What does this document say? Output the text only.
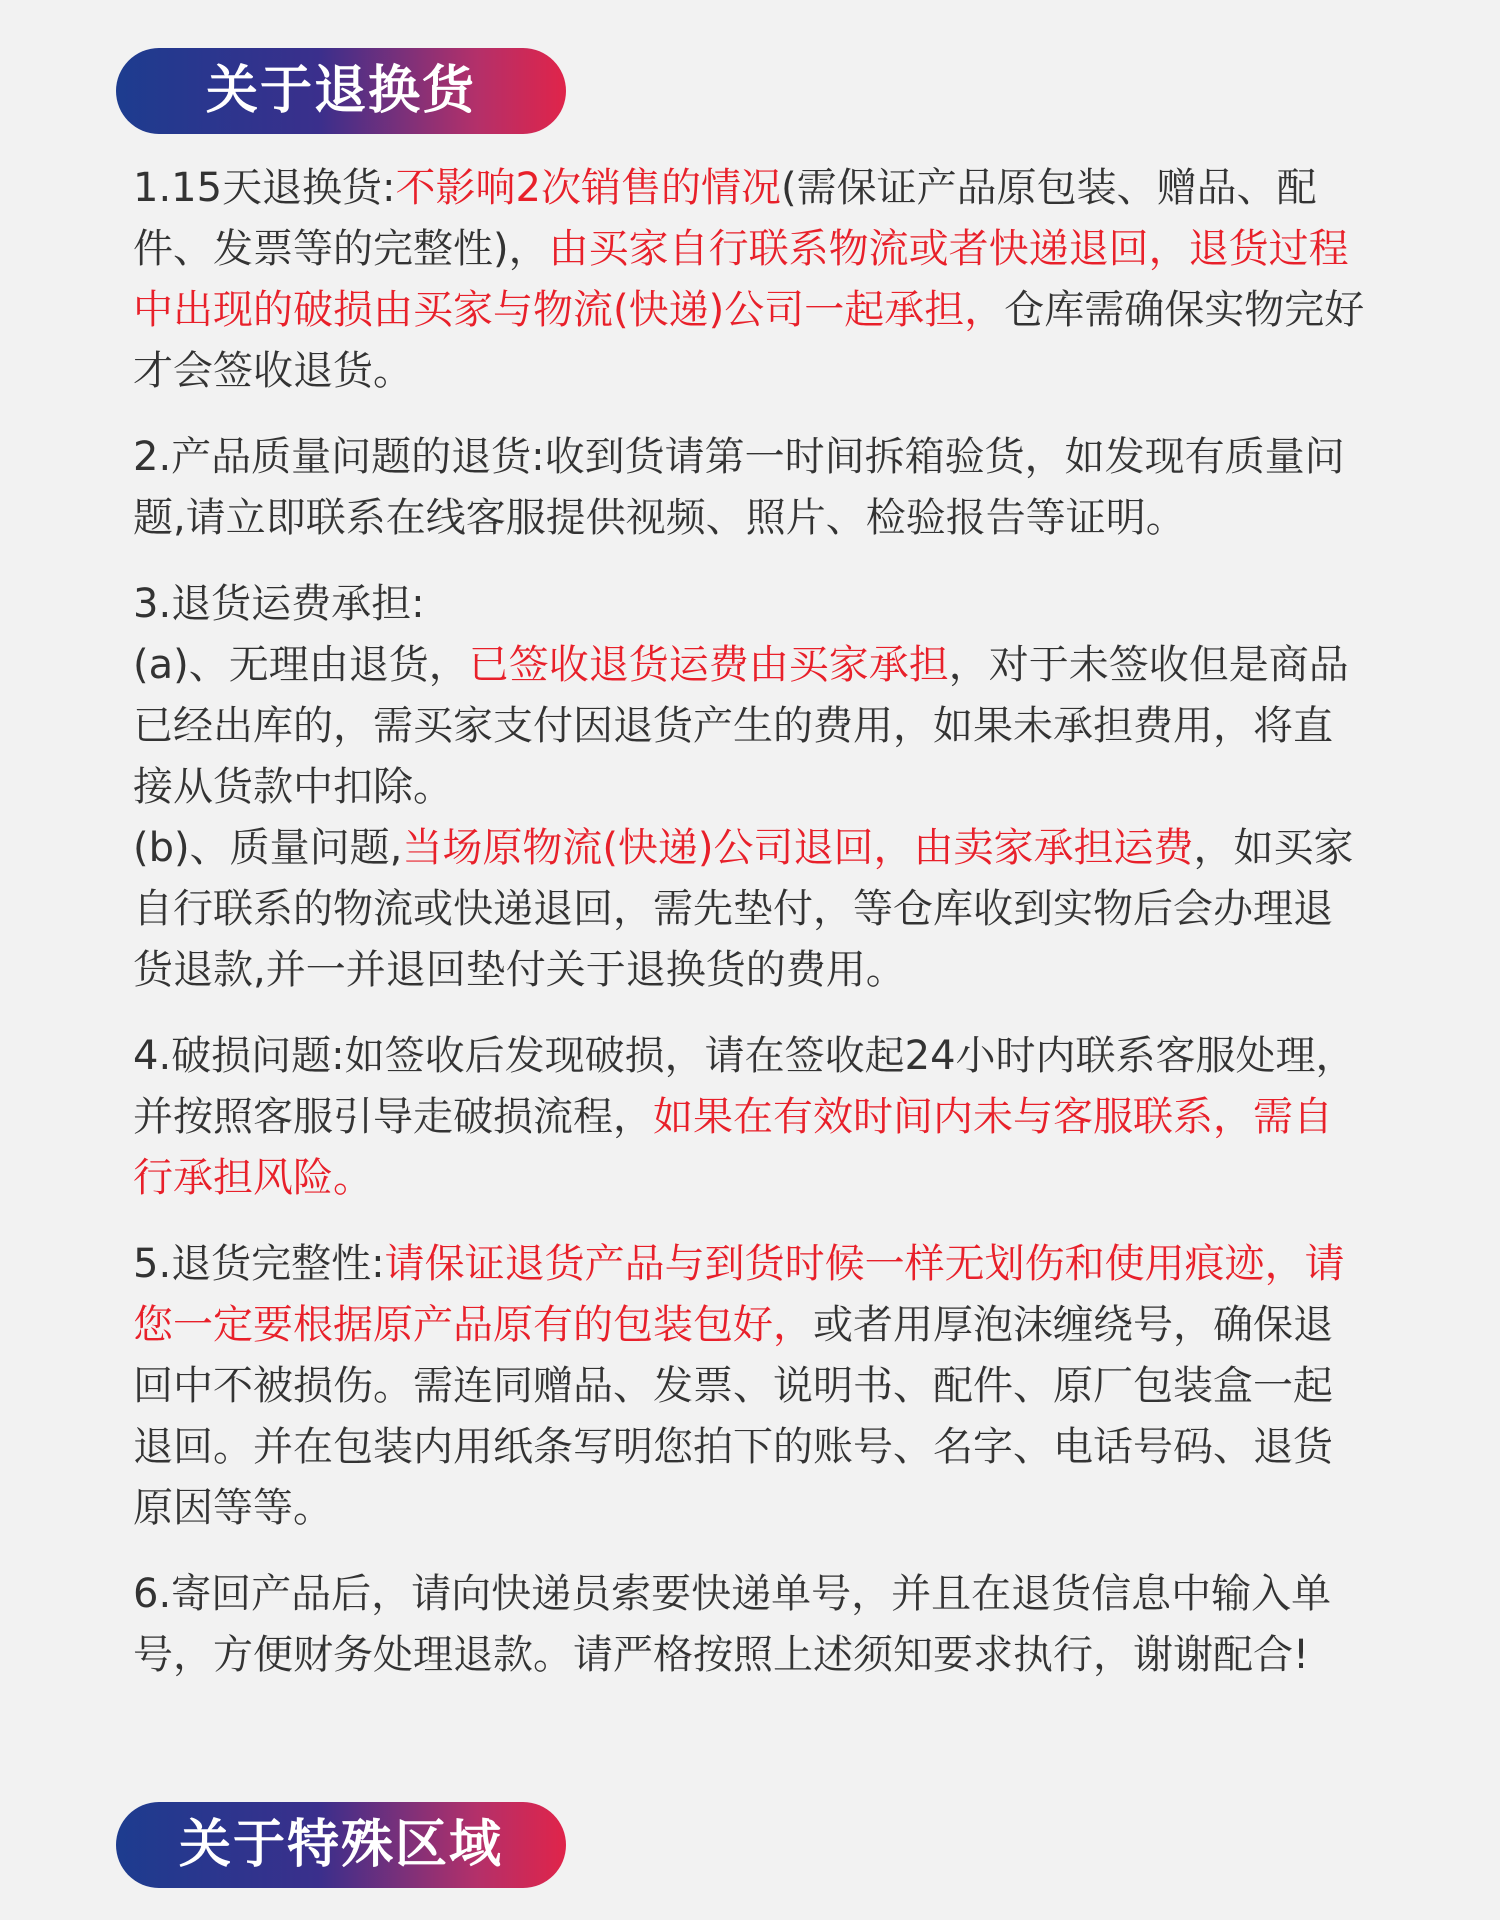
关于退换货

1.15天退换货:不影响2次销售的情况(需保证产品原包装、赠品、配件、发票等的完整性)，由买家自行联系物流或者快递退回，退货过程中出现的破损由买家与物流(快递)公司一起承担，仓库需确保实物完好才会签收退货。

2.产品质量问题的退货:收到货请第一时间拆箱验货，如发现有质量问题,请立即联系在线客服提供视频、照片、检验报告等证明。

3.退货运费承担:
(a)、无理由退货，已签收退货运费由买家承担，对于未签收但是商品已经出库的，需买家支付因退货产生的费用，如果未承担费用，将直接从货款中扣除。
(b)、质量问题,当场原物流(快递)公司退回，由卖家承担运费，如买家自行联系的物流或快递退回，需先垫付，等仓库收到实物后会办理退货退款,并一并退回垫付关于退换货的费用。

4.破损问题:如签收后发现破损，请在签收起24小时内联系客服处理，并按照客服引导走破损流程，如果在有效时间内未与客服联系，需自行承担风险。

5.退货完整性:请保证退货产品与到货时候一样无划伤和使用痕迹，请您一定要根据原产品原有的包装包好，或者用厚泡沫缠绕号，确保退回中不被损伤。需连同赠品、发票、说明书、配件、原厂包装盒一起退回。并在包装内用纸条写明您拍下的账号、名字、电话号码、退货原因等等。

6.寄回产品后，请向快递员索要快递单号，并且在退货信息中输入单号，方便财务处理退款。请严格按照上述须知要求执行，谢谢配合!

关于特殊区域
